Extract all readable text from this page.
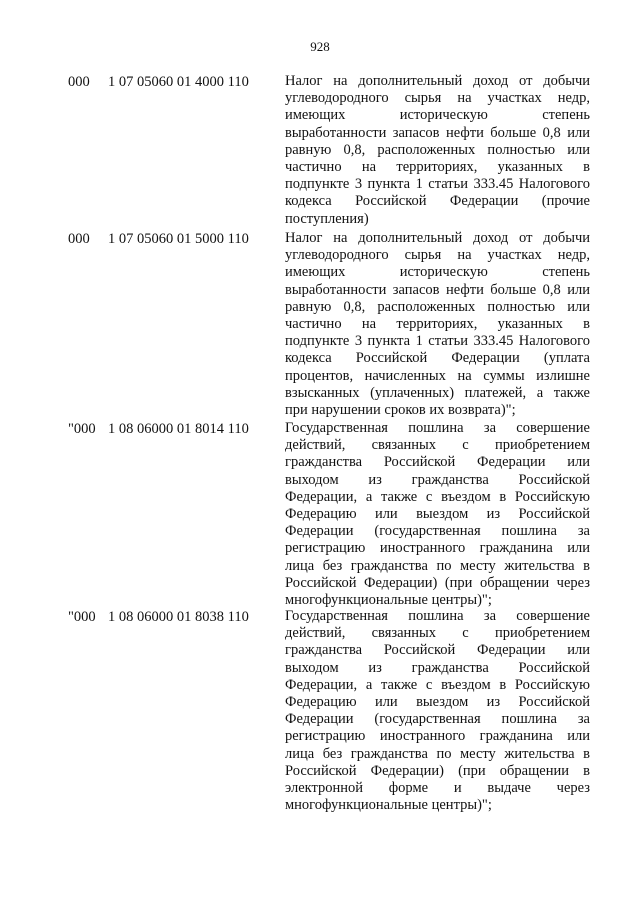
928
000 1 07 05060 01 4000 110 Налог на дополнительный доход от добычи
углеводородного сырья на участках недр,
имеющих историческую степень
выработанности запасов нефти больше 0,8 или
равную 0,8, расположенных полностью или
частично на территориях, указанных в
подпункте 3 пункта 1 статьи 333.45 Налогового
кодекса Российской Федерации (прочие
поступления)
000 1 07 05060 01 5000 110 Налог на дополнительный доход от добычи
углеводородного сырья на участках недр,
имеющих историческую степень
выработанности запасов нефти больше 0,8 или
равную 0,8, расположенных полностью или
частично на территориях, указанных в
подпункте 3 пункта 1 статьи 333.45 Налогового
кодекса Российской Федерации (уплата
процентов, начисленных на суммы излишне
взысканных (уплаченных) платежей, а также
при нарушении сроков их возврата)";
"000 1 08 06000 01 8014 110 Государственная пошлина за совершение
действий, связанных с приобретением
гражданства Российской Федерации или
выходом из гражданства Российской
Федерации, а также с въездом в Российскую
Федерацию или выездом из Российской
Федерации (государственная пошлина за
регистрацию иностранного гражданина или
лица без гражданства по месту жительства в
Российской Федерации) (при обращении через
многофункциональные центры)";
"000 1 08 06000 01 8038 110 Государственная пошлина за совершение
действий, связанных с приобретением
гражданства Российской Федерации или
выходом из гражданства Российской
Федерации, а также с въездом в Российскую
Федерацию или выездом из Российской
Федерации (государственная пошлина за
регистрацию иностранного гражданина или
лица без гражданства по месту жительства в
Российской Федерации) (при обращении в
электронной форме и выдаче через
многофункциональные центры)";
